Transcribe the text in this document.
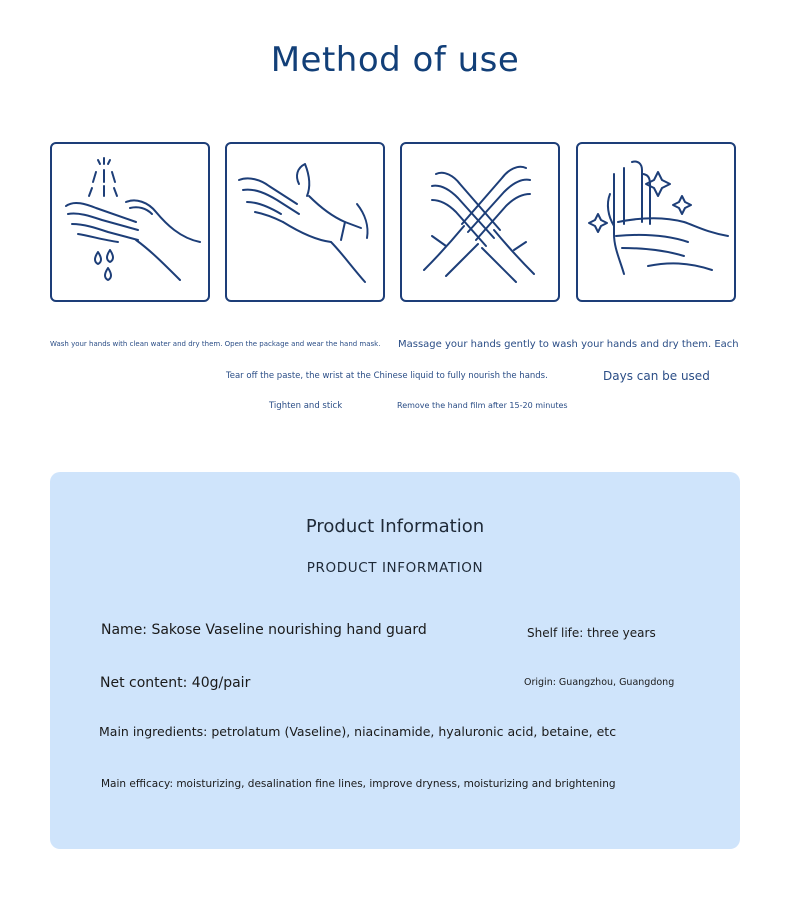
Method of use
Wash your hands with clean water and dry them. Open the package and wear the hand mask.
Tear off the paste, the wrist at the Chinese liquid to fully nourish the hands.
Tighten and stick
Massage your hands gently to wash your hands and dry them. Each
Remove the hand film after 15-20 minutes
Days can be used
Product Information
PRODUCT INFORMATION
Name: Sakose Vaseline nourishing hand guard	Shelf life: three years
Net content: 40g/pair	Origin: Guangzhou, Guangdong
Main ingredients: petrolatum (Vaseline), niacinamide, hyaluronic acid, betaine, etc
Main efficacy: moisturizing, desalination fine lines, improve dryness, moisturizing and brightening
